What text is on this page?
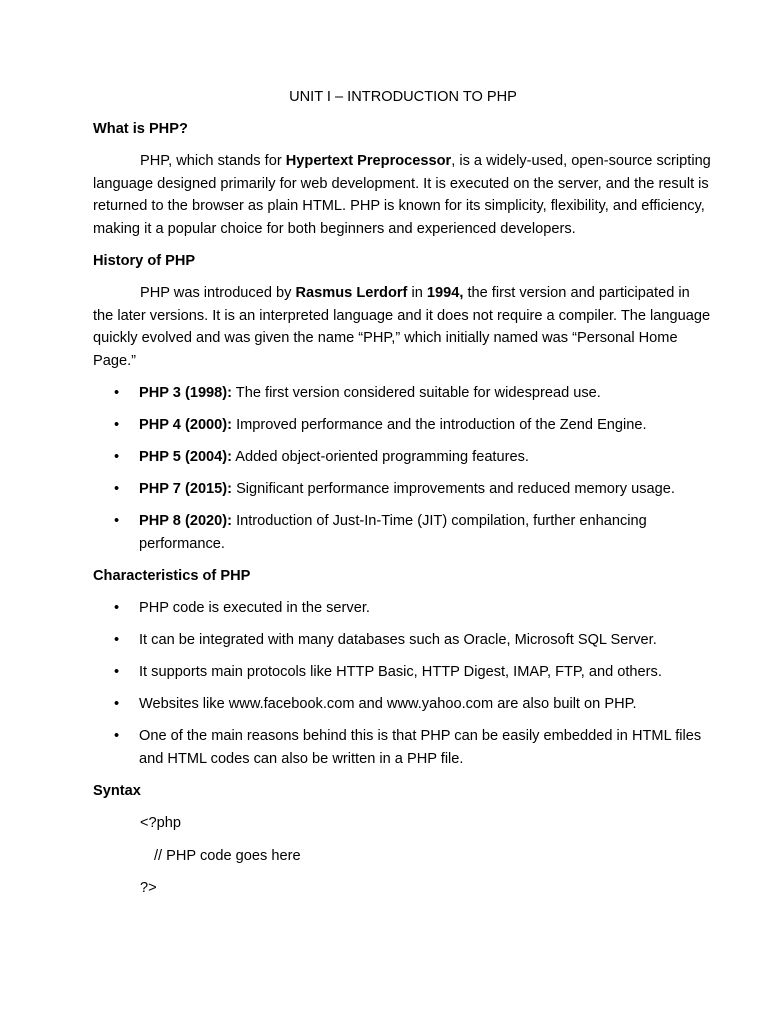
UNIT I – INTRODUCTION TO PHP
What is PHP?

PHP, which stands for Hypertext Preprocessor, is a widely-used, open-source scripting language designed primarily for web development. It is executed on the server, and the result is returned to the browser as plain HTML. PHP is known for its simplicity, flexibility, and efficiency, making it a popular choice for both beginners and experienced developers.

History of PHP

PHP was introduced by Rasmus Lerdorf in 1994, the first version and participated in the later versions. It is an interpreted language and it does not require a compiler. The language quickly evolved and was given the name “PHP,” which initially named was “Personal Home Page.”

• PHP 3 (1998): The first version considered suitable for widespread use.
• PHP 4 (2000): Improved performance and the introduction of the Zend Engine.
• PHP 5 (2004): Added object-oriented programming features.
• PHP 7 (2015): Significant performance improvements and reduced memory usage.
• PHP 8 (2020): Introduction of Just-In-Time (JIT) compilation, further enhancing performance.
Characteristics of PHP
• PHP code is executed in the server.
• It can be integrated with many databases such as Oracle, Microsoft SQL Server.
• It supports main protocols like HTTP Basic, HTTP Digest, IMAP, FTP, and others.
• Websites like www.facebook.com and www.yahoo.com are also built on PHP.
• One of the main reasons behind this is that PHP can be easily embedded in HTML files and HTML codes can also be written in a PHP file.
Syntax
<?php
// PHP code goes here
?>
